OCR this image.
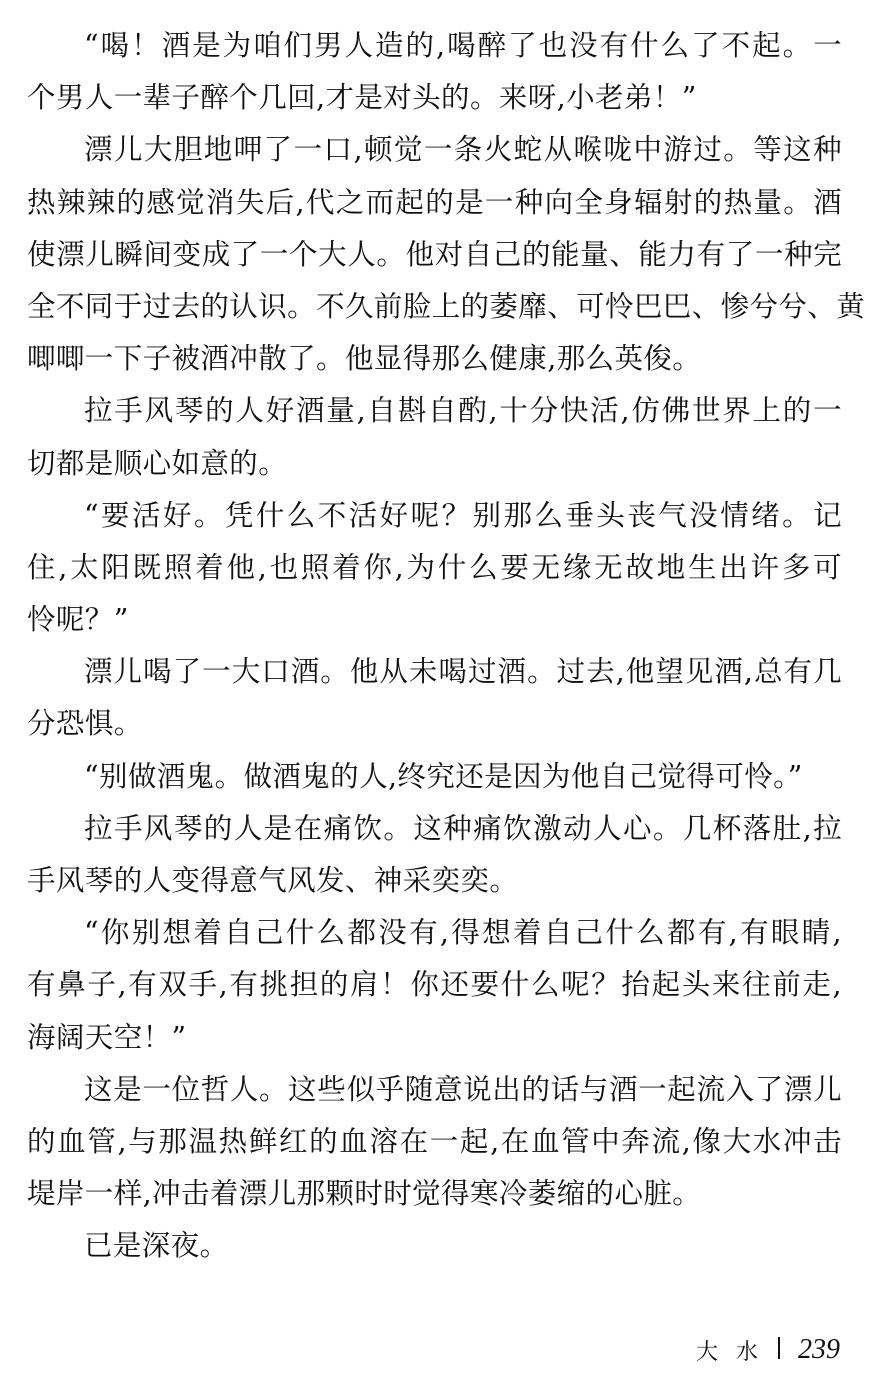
“喝！酒是为咱们男人造的,喝醉了也没有什么了不起。一
个男人一辈子醉个几回,才是对头的。来呀,小老弟！”
漂儿大胆地呷了一口,顿觉一条火蛇从喉咙中游过。等这种
热辣辣的感觉消失后,代之而起的是一种向全身辐射的热量。酒
使漂儿瞬间变成了一个大人。他对自己的能量、能力有了一种完
全不同于过去的认识。不久前脸上的萎靡、可怜巴巴、惨兮兮、黄
唧唧一下子被酒冲散了。他显得那么健康,那么英俊。
拉手风琴的人好酒量,自斟自酌,十分快活,仿佛世界上的一
切都是顺心如意的。
“要活好。凭什么不活好呢？别那么垂头丧气没情绪。记
住,太阳既照着他,也照着你,为什么要无缘无故地生出许多可
怜呢？”
漂儿喝了一大口酒。他从未喝过酒。过去,他望见酒,总有几
分恐惧。
“别做酒鬼。做酒鬼的人,终究还是因为他自己觉得可怜。”
拉手风琴的人是在痛饮。这种痛饮激动人心。几杯落肚,拉
手风琴的人变得意气风发、神采奕奕。
“你别想着自己什么都没有,得想着自己什么都有,有眼睛,
有鼻子,有双手,有挑担的肩！你还要什么呢？抬起头来往前走,
海阔天空！”
这是一位哲人。这些似乎随意说出的话与酒一起流入了漂儿
的血管,与那温热鲜红的血溶在一起,在血管中奔流,像大水冲击
堤岸一样,冲击着漂儿那颗时时觉得寒冷萎缩的心脏。
已是深夜。
大水 239
